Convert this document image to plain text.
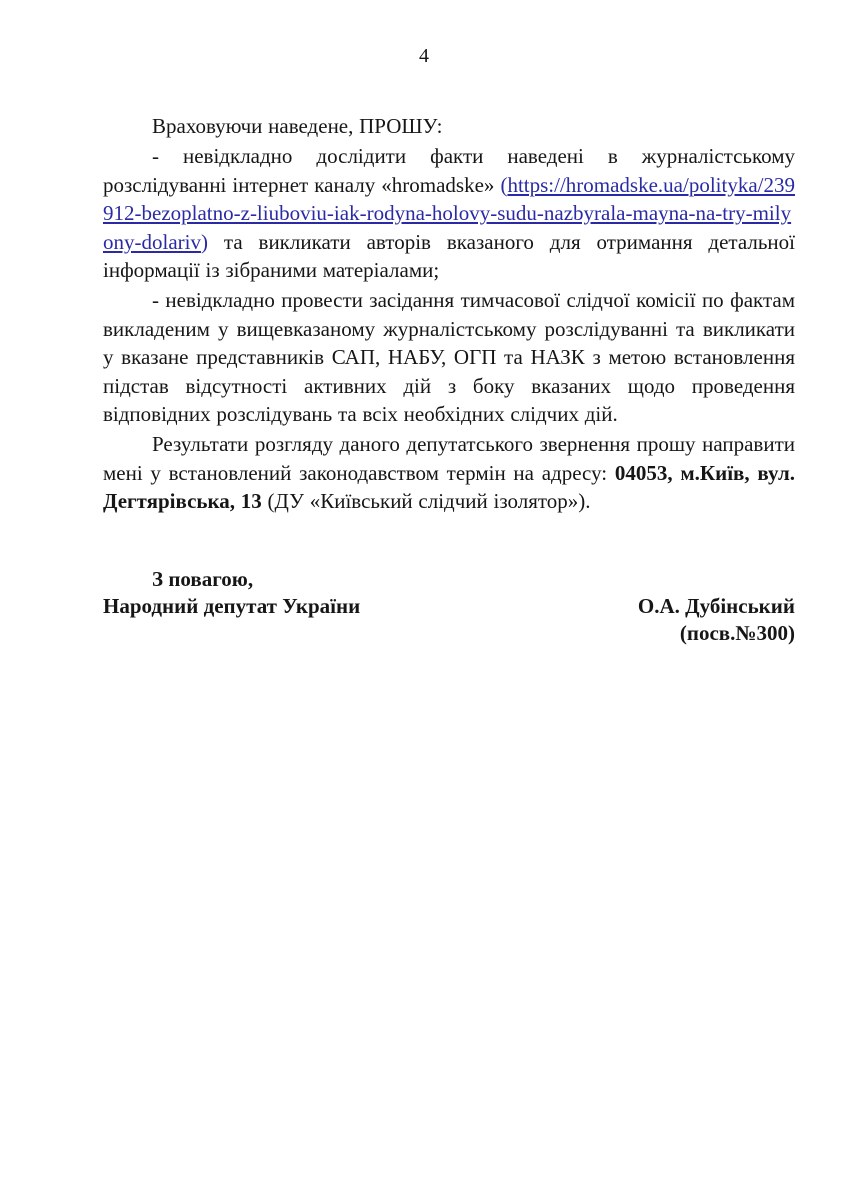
4

Враховуючи наведене, ПРОШУ:

- невідкладно дослідити факти наведені в журналістському розслідуванні інтернет каналу «hromadske» (https://hromadske.ua/polityka/239912-bezoplatno-z-liuboviu-iak-rodyna-holovy-sudu-nazbyrala-mayna-na-try-milyony-dolariv) та викликати авторів вказаного для отримання детальної інформації із зібраними матеріалами;

- невідкладно провести засідання тимчасової слідчої комісії по фактам викладеним у вищевказаному журналістському розслідуванні та викликати у вказане представників САП, НАБУ, ОГП та НАЗК з метою встановлення підстав відсутності активних дій з боку вказаних щодо проведення відповідних розслідувань та всіх необхідних слідчих дій.

Результати розгляду даного депутатського звернення прошу направити мені у встановлений законодавством термін на адресу: 04053, м.Київ, вул. Дегтярівська, 13 (ДУ «Київський слідчий ізолятор»).

З повагою,

Народний депутат України	О.А. Дубінський
(посв.№300)
